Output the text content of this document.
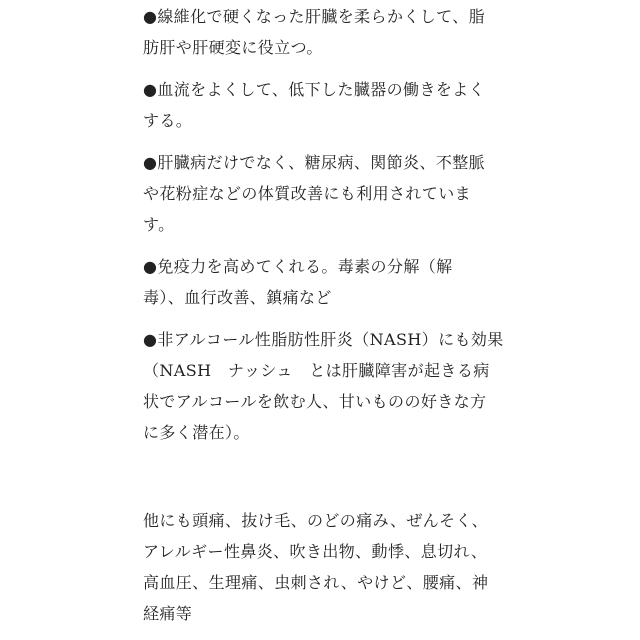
●線維化で硬くなった肝臓を柔らかくして、脂
肪肝や肝硬変に役立つ。

●血流をよくして、低下した臓器の働きをよく
する。

●肝臓病だけでなく、糖尿病、関節炎、不整脈
や花粉症などの体質改善にも利用されていま
す。

●免疫力を高めてくれる。毒素の分解（解
毒）、血行改善、鎮痛など

●非アルコール性脂肪性肝炎（NASH）にも効果
（NASH　ナッシュ　とは肝臓障害が起きる病
状でアルコールを飲む人、甘いものの好きな方
に多く潜在）。

他にも頭痛、抜け毛、のどの痛み、ぜんそく、
アレルギー性鼻炎、吹き出物、動悸、息切れ、
高血圧、生理痛、虫刺され、やけど、腰痛、神
経痛等
